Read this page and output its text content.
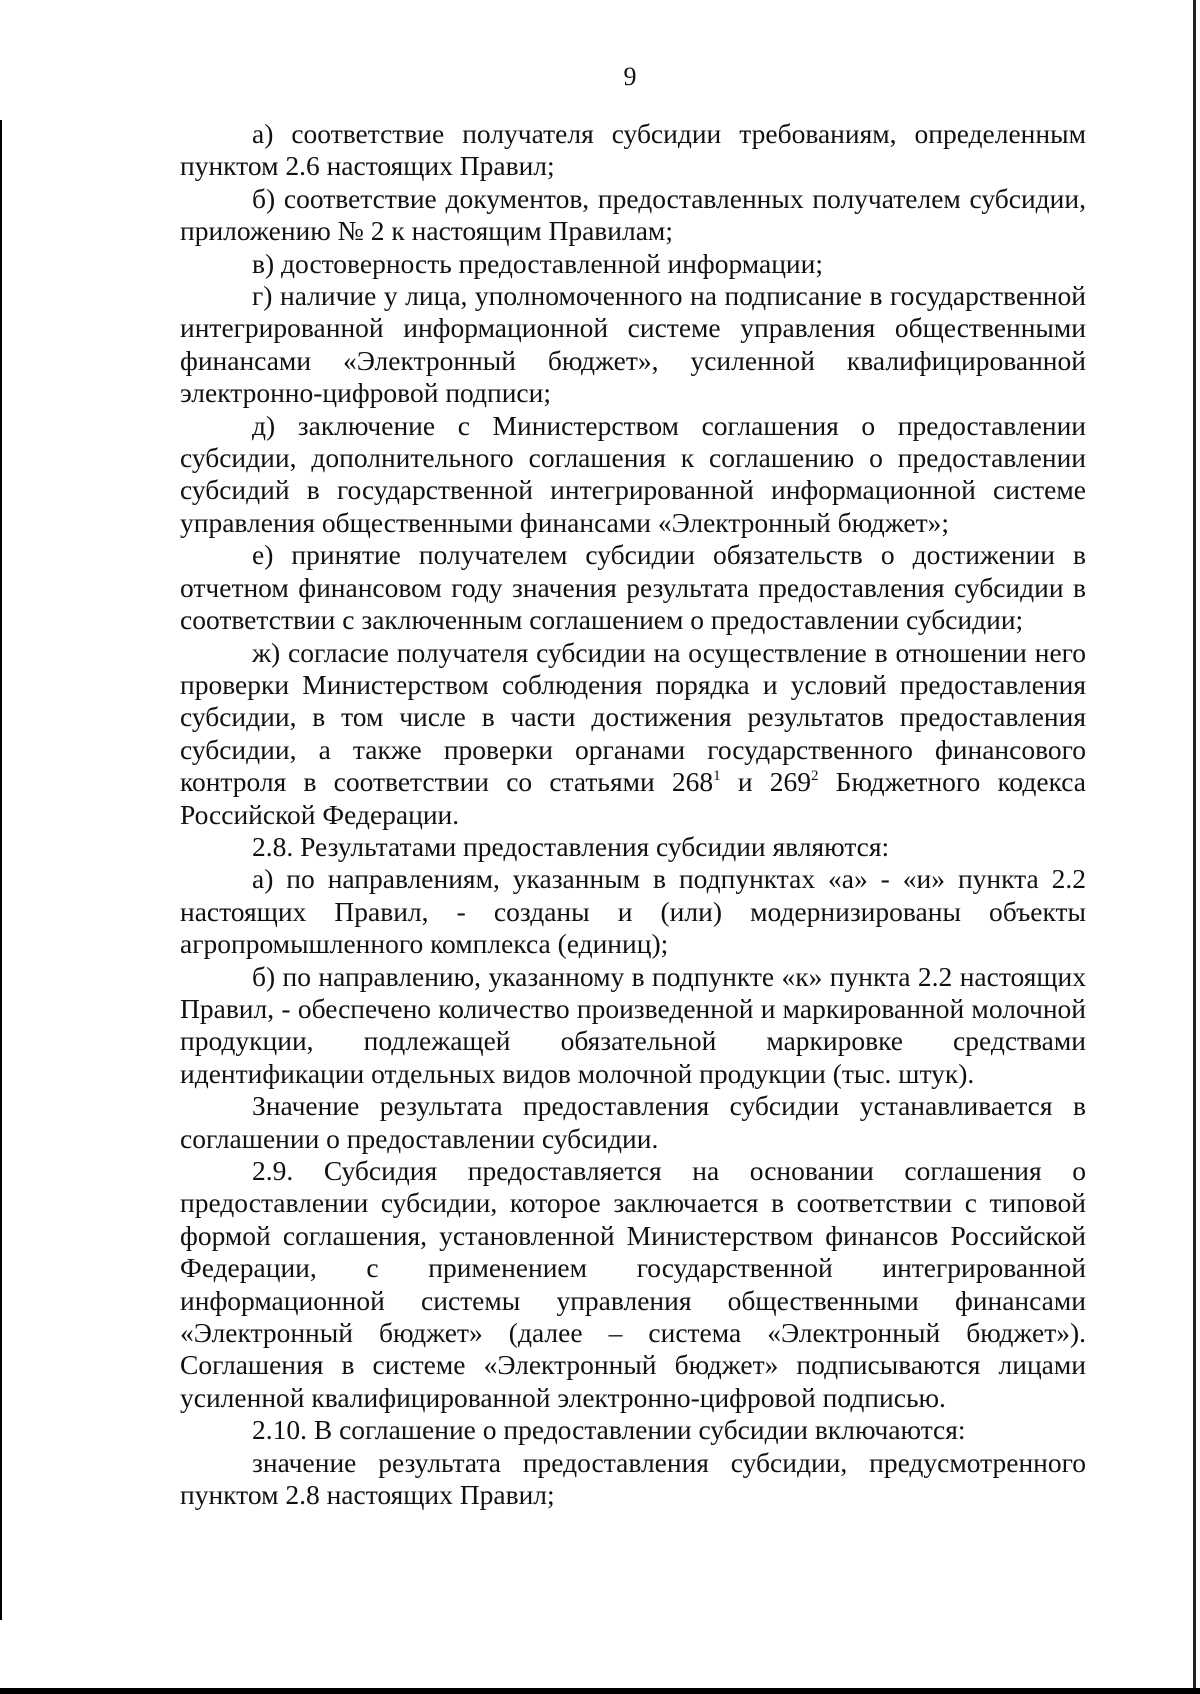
9

а) соответствие получателя субсидии требованиям, определенным пунктом 2.6 настоящих Правил;

б) соответствие документов, предоставленных получателем субсидии, приложению № 2 к настоящим Правилам;

в) достоверность предоставленной информации;

г) наличие у лица, уполномоченного на подписание в государственной интегрированной информационной системе управления общественными финансами «Электронный бюджет», усиленной квалифицированной электронно-цифровой подписи;

д) заключение с Министерством соглашения о предоставлении субсидии, дополнительного соглашения к соглашению о предоставлении субсидий в государственной интегрированной информационной системе управления общественными финансами «Электронный бюджет»;

е) принятие получателем субсидии обязательств о достижении в отчетном финансовом году значения результата предоставления субсидии в соответствии с заключенным соглашением о предоставлении субсидии;

ж) согласие получателя субсидии на осуществление в отношении него проверки Министерством соблюдения порядка и условий предоставления субсидии, в том числе в части достижения результатов предоставления субсидии, а также проверки органами государственного финансового контроля в соответствии со статьями $268^1$ и $269^2$ Бюджетного кодекса Российской Федерации.

2.8. Результатами предоставления субсидии являются:

а) по направлениям, указанным в подпунктах «а» - «и» пункта 2.2 настоящих Правил, - созданы и (или) модернизированы объекты агропромышленного комплекса (единиц);

б) по направлению, указанному в подпункте «к» пункта 2.2 настоящих Правил, - обеспечено количество произведенной и маркированной молочной продукции, подлежащей обязательной маркировке средствами идентификации отдельных видов молочной продукции (тыс. штук).

Значение результата предоставления субсидии устанавливается в соглашении о предоставлении субсидии.

2.9. Субсидия предоставляется на основании соглашения о предоставлении субсидии, которое заключается в соответствии с типовой формой соглашения, установленной Министерством финансов Российской Федерации, с применением государственной интегрированной информационной системы управления общественными финансами «Электронный бюджет» (далее – система «Электронный бюджет»). Соглашения в системе «Электронный бюджет» подписываются лицами усиленной квалифицированной электронно-цифровой подписью.

2.10. В соглашение о предоставлении субсидии включаются:

значение результата предоставления субсидии, предусмотренного пунктом 2.8 настоящих Правил;
